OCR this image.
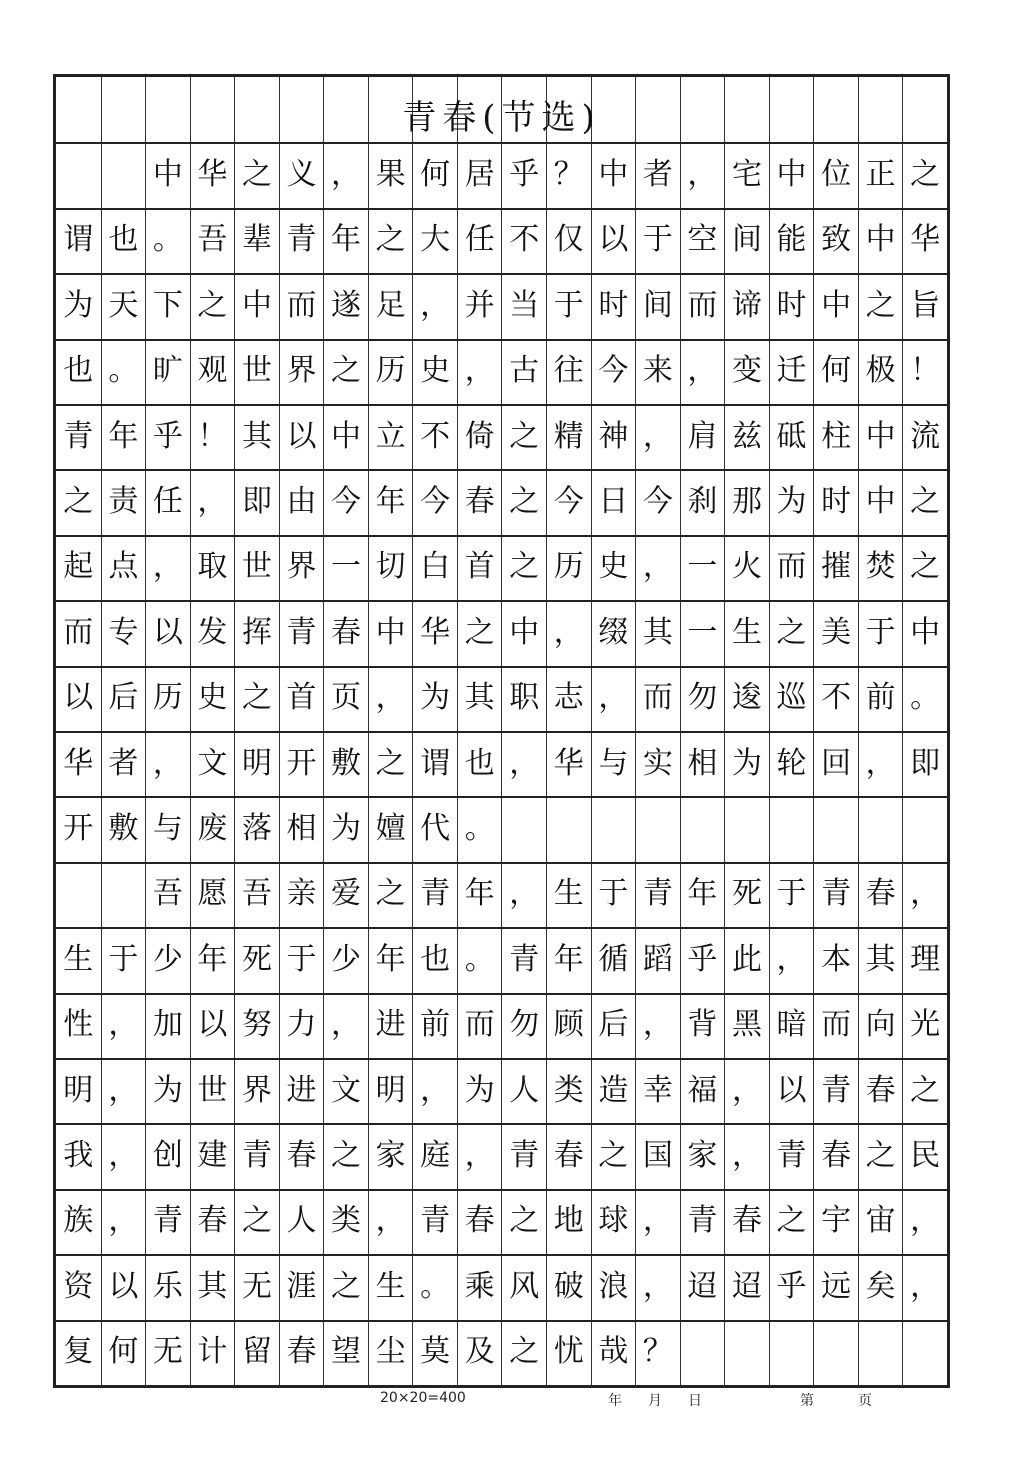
中 华 之 义 ， 果 何 居 乎 ？ 中 者 ， 宅 中 位 正 之
谓 也 。 吾 辈 青 年 之 大 任 不 仅 以 于 空 间 能 致 中 华
为 天 下 之 中 而 遂 足 ， 并 当 于 时 间 而 谛 时 中 之 旨
也 。 旷 观 世 界 之 历 史 ， 古 往 今 来 ， 变 迁 何 极 ！
青 年 乎 ！ 其 以 中 立 不 倚 之 精 神 ， 肩 兹 砥 柱 中 流
之 责 任 ， 即 由 今 年 今 春 之 今 日 今 刹 那 为 时 中 之
起 点 ， 取 世 界 一 切 白 首 之 历 史 ， 一 火 而 摧 焚 之
而 专 以 发 挥 青 春 中 华 之 中 ， 缀 其 一 生 之 美 于 中
以 后 历 史 之 首 页 ， 为 其 职 志 ， 而 勿 逡 巡 不 前 。
华 者 ， 文 明 开 敷 之 谓 也 ， 华 与 实 相 为 轮 回 ， 即
开 敷 与 废 落 相 为 嬗 代 。
吾 愿 吾 亲 爱 之 青 年 ， 生 于 青 年 死 于 青 春 ，
生 于 少 年 死 于 少 年 也 。 青 年 循 蹈 乎 此 ， 本 其 理
性 ， 加 以 努 力 ， 进 前 而 勿 顾 后 ， 背 黑 暗 而 向 光
明 ， 为 世 界 进 文 明 ， 为 人 类 造 幸 福 ， 以 青 春 之
我 ， 创 建 青 春 之 家 庭 ， 青 春 之 国 家 ， 青 春 之 民
族 ， 青 春 之 人 类 ， 青 春 之 地 球 ， 青 春 之 宇 宙 ，
资 以 乐 其 无 涯 之 生 。 乘 风 破 浪 ， 迢 迢 乎 远 矣 ，
复 何 无 计 留 春 望 尘 莫 及 之 忧 哉 ？
青春(节选)
20×20=400	年 月 日	第	页
